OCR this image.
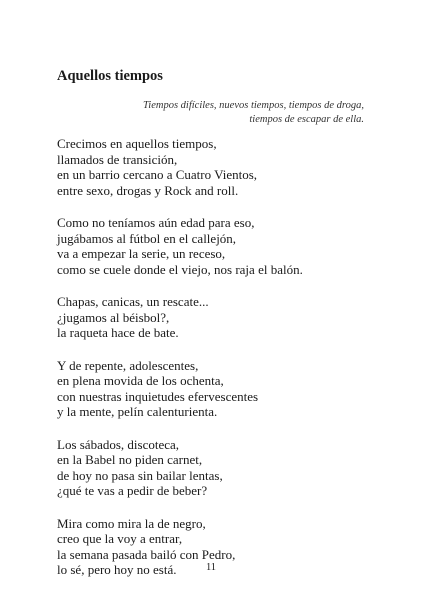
Aquellos tiempos
Tiempos difíciles, nuevos tiempos, tiempos de droga,
tiempos de escapar de ella.
Crecimos en aquellos tiempos,
llamados de transición,
en un barrio cercano a Cuatro Vientos,
entre sexo, drogas y Rock and roll.
Como no teníamos aún edad para eso,
jugábamos al fútbol en el callejón,
va a empezar la serie, un receso,
como se cuele donde el viejo, nos raja el balón.
Chapas, canicas, un rescate...
¿jugamos al béisbol?,
la raqueta hace de bate.
Y de repente, adolescentes,
en plena movida de los ochenta,
con nuestras inquietudes efervescentes
y la mente, pelín calenturienta.
Los sábados, discoteca,
en la Babel no piden carnet,
de hoy no pasa sin bailar lentas,
¿qué te vas a pedir de beber?
Mira como mira la de negro,
creo que la voy a entrar,
la semana pasada bailó con Pedro,
lo sé, pero hoy no está.	11
